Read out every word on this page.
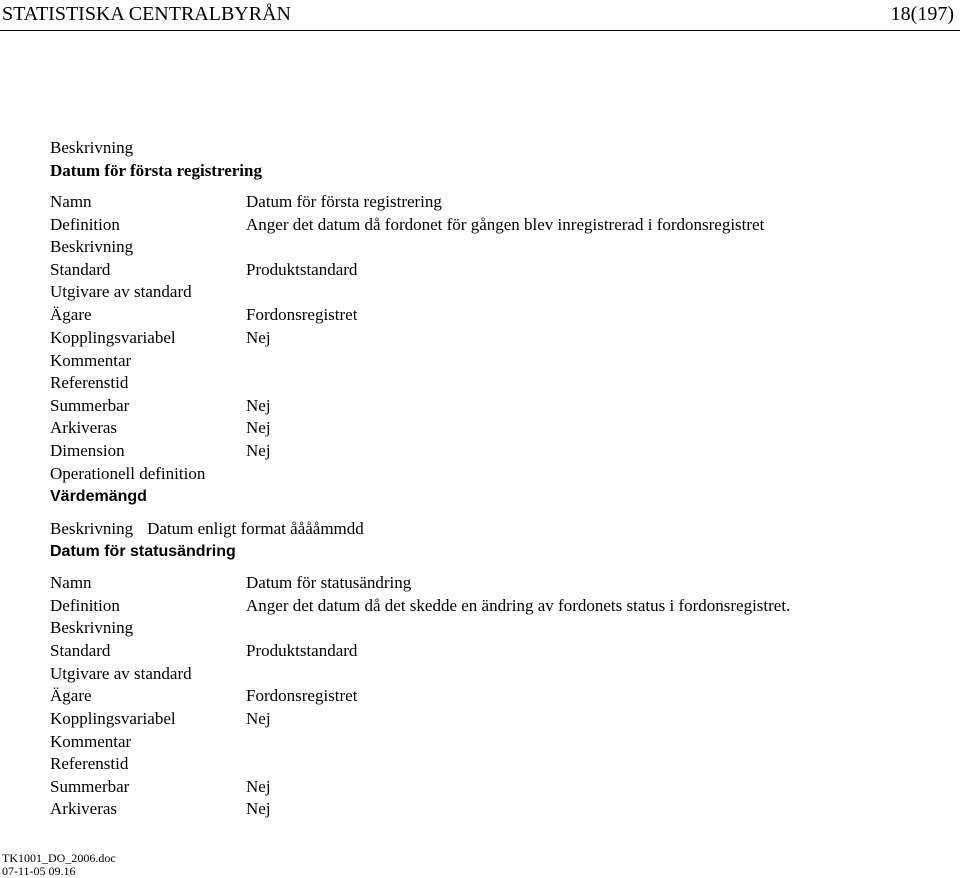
STATISTISKA CENTRALBYRÅN	18(197)
Beskrivning
Datum för första registrering
Namn	Datum för första registrering
Definition	Anger det datum då fordonet för gången blev inregistrerad i fordonsregistret
Beskrivning
Standard	Produktstandard
Utgivare av standard
Ägare	Fordonsregistret
Kopplingsvariabel	Nej
Kommentar
Referenstid
Summerbar	Nej
Arkiveras	Nej
Dimension	Nej
Operationell definition
Värdemängd
Beskrivning Datum enligt format ååååmmdd
Datum för statusändring
Namn	Datum för statusändring
Definition	Anger det datum då det skedde en ändring av fordonets status i fordonsregistret.
Beskrivning
Standard	Produktstandard
Utgivare av standard
Ägare	Fordonsregistret
Kopplingsvariabel	Nej
Kommentar
Referenstid
Summerbar	Nej
Arkiveras	Nej
TK1001_DO_2006.doc
07-11-05 09.16
